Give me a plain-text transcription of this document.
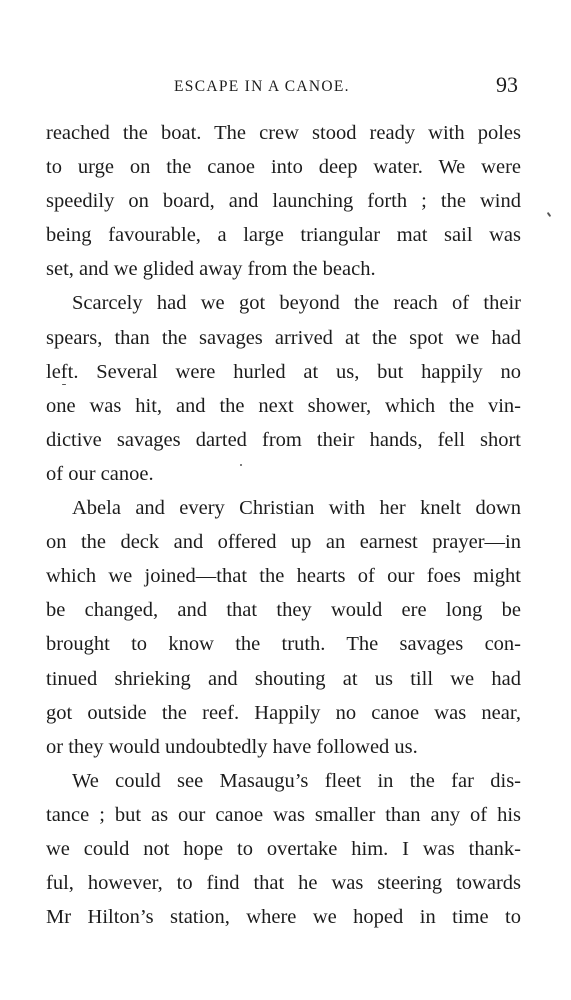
ESCAPE IN A CANOE.	93
reached the boat. The crew stood ready with poles
to urge on the canoe into deep water. We were
speedily on board, and launching forth ; the wind
being favourable, a large triangular mat sail was
set, and we glided away from the beach.
Scarcely had we got beyond the reach of their
spears, than the savages arrived at the spot we had
left. Several were hurled at us, but happily no
one was hit, and the next shower, which the vin-
dictive savages darted from their hands, fell short
of our canoe.
Abela and every Christian with her knelt down
on the deck and offered up an earnest prayer—in
which we joined—that the hearts of our foes might
be changed, and that they would ere long be
brought to know the truth. The savages con-
tinued shrieking and shouting at us till we had
got outside the reef. Happily no canoe was near,
or they would undoubtedly have followed us.
We could see Masaugu’s fleet in the far dis-
tance ; but as our canoe was smaller than any of his
we could not hope to overtake him. I was thank-
ful, however, to find that he was steering towards
Mr Hilton’s station, where we hoped in time to
